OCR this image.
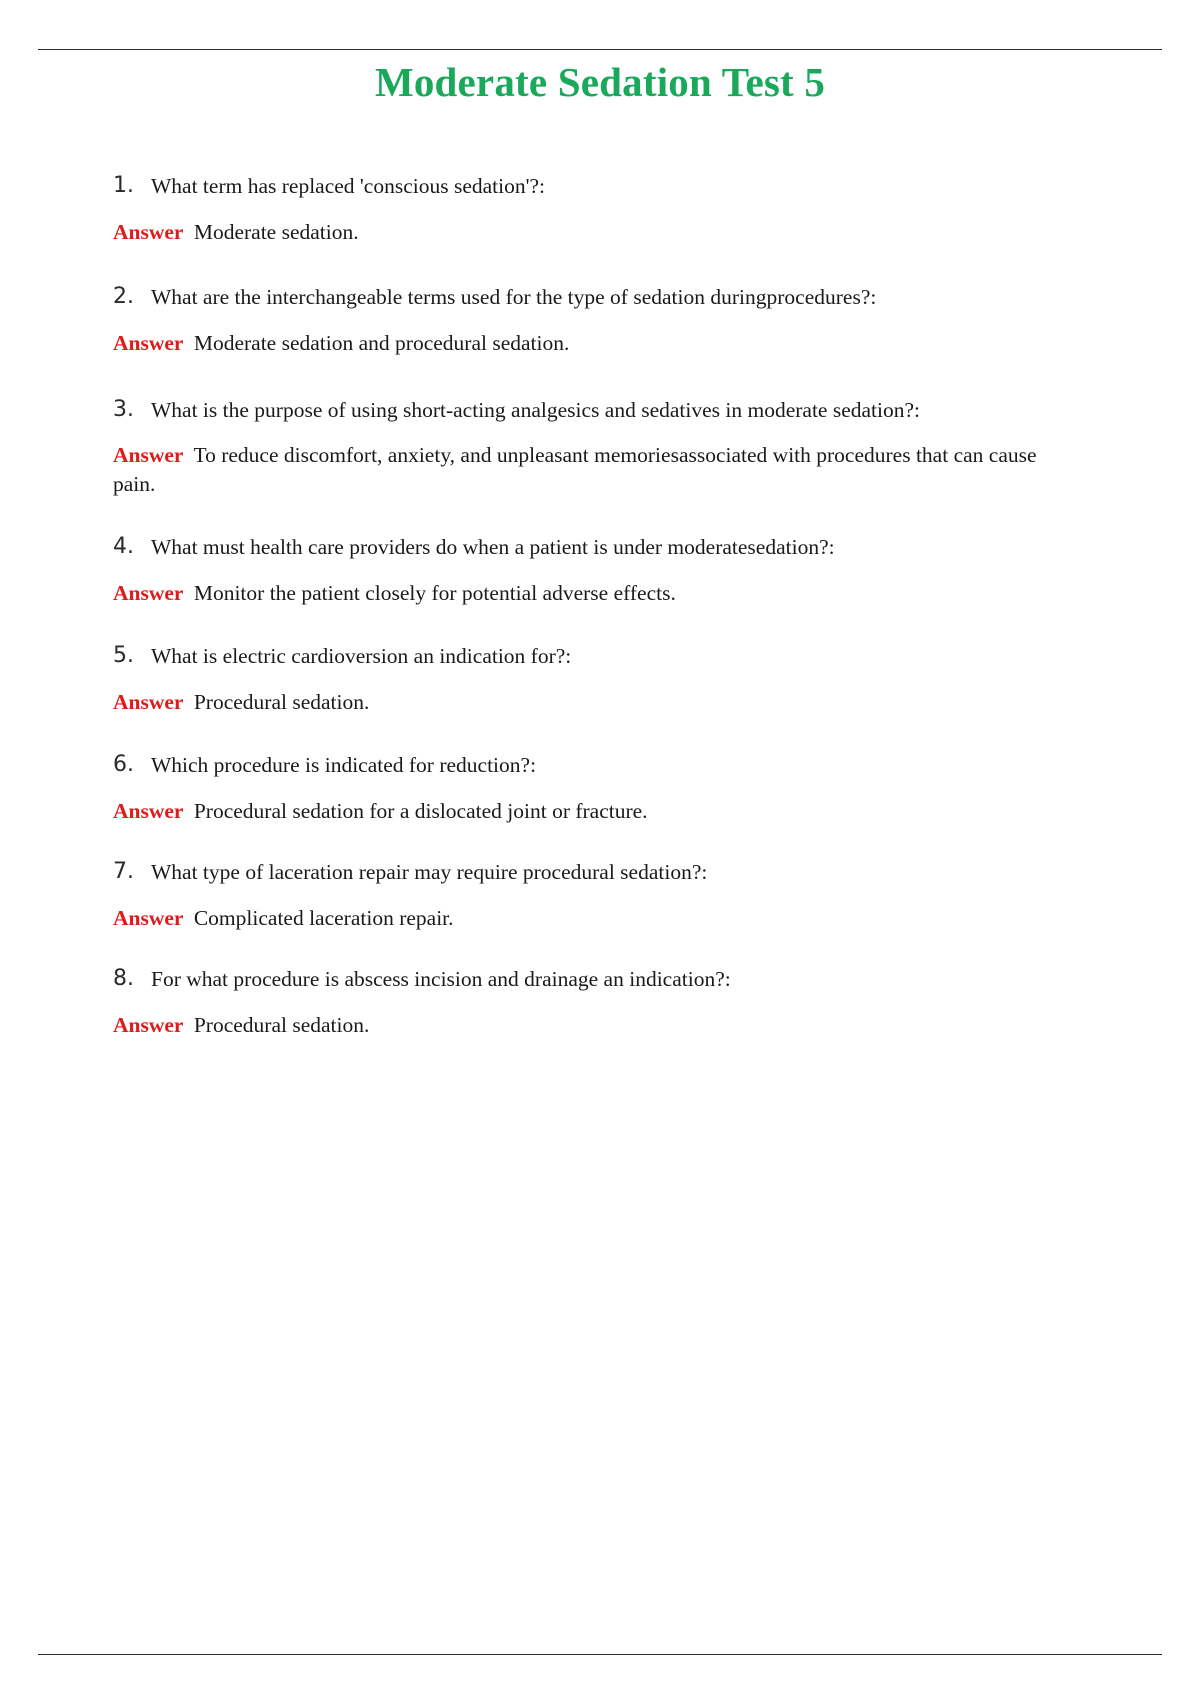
Moderate Sedation Test 5
1. What term has replaced 'conscious sedation'?:
Answer Moderate sedation.
2. What are the interchangeable terms used for the type of sedation duringprocedures?:
Answer Moderate sedation and procedural sedation.
3. What is the purpose of using short-acting analgesics and sedatives in moderate sedation?:
Answer To reduce discomfort, anxiety, and unpleasant memoriesassociated with procedures that can cause pain.
4. What must health care providers do when a patient is under moderatesedation?:
Answer Monitor the patient closely for potential adverse effects.
5. What is electric cardioversion an indication for?:
Answer Procedural sedation.
6. Which procedure is indicated for reduction?:
Answer Procedural sedation for a dislocated joint or fracture.
7. What type of laceration repair may require procedural sedation?:
Answer Complicated laceration repair.
8. For what procedure is abscess incision and drainage an indication?:
Answer Procedural sedation.
